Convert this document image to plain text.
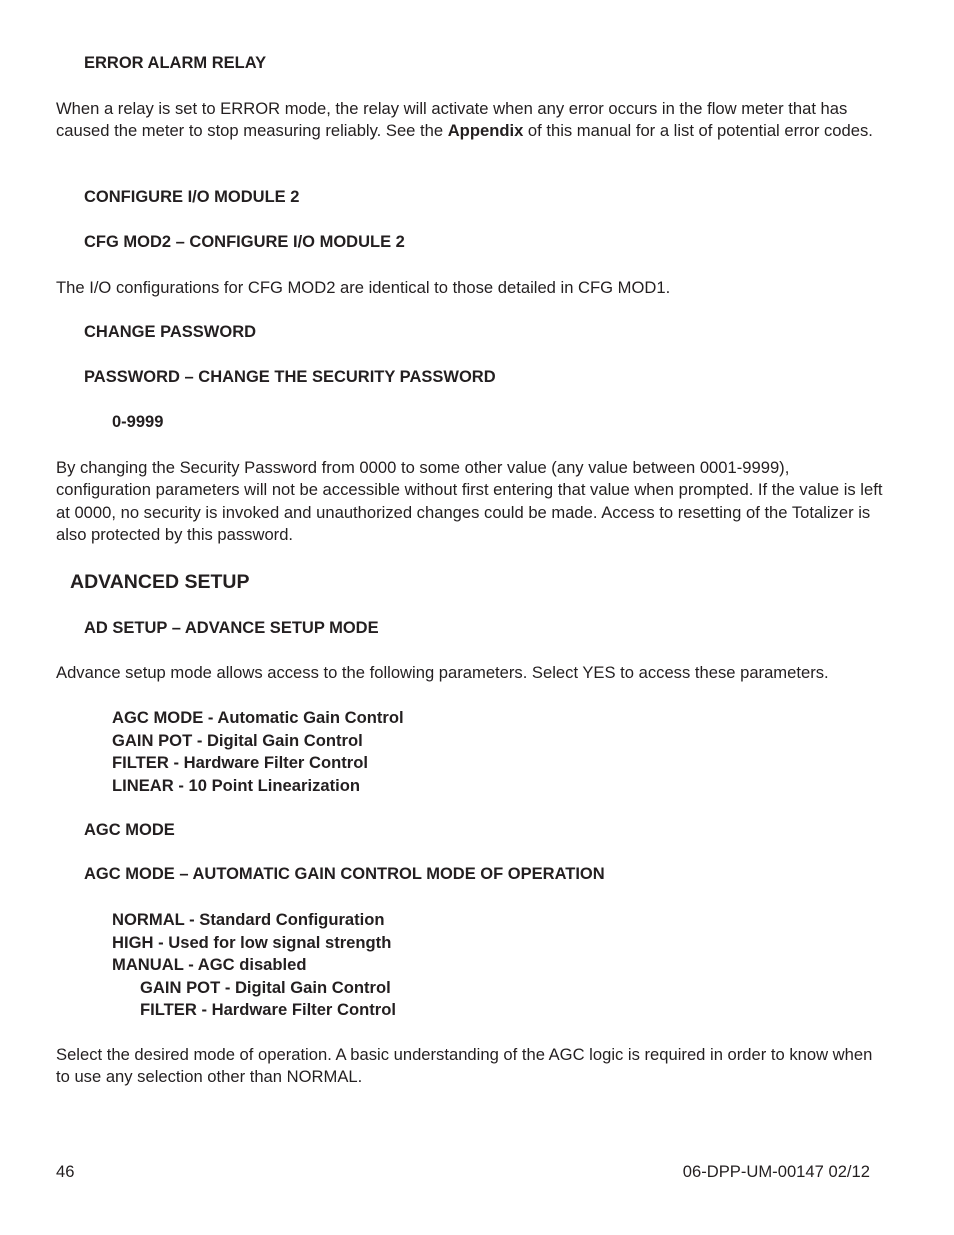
ERROR ALARM RELAY
When a relay is set to ERROR mode, the relay will activate when any error occurs in the flow meter that has caused the meter to stop measuring reliably. See the Appendix of this manual for a list of potential error codes.
CONFIGURE I/O MODULE 2
CFG MOD2 – CONFIGURE I/O MODULE 2
The I/O configurations for CFG MOD2 are identical to those detailed in CFG MOD1.
CHANGE PASSWORD
PASSWORD – CHANGE THE SECURITY PASSWORD
0-9999
By changing the Security Password from 0000 to some other value (any value between 0001-9999), configuration parameters will not be accessible without first entering that value when prompted. If the value is left at 0000, no security is invoked and unauthorized changes could be made. Access to resetting of the Totalizer is also protected by this password.
ADVANCED SETUP
AD SETUP – ADVANCE SETUP MODE
Advance setup mode allows access to the following parameters. Select YES to access these parameters.
AGC MODE - Automatic Gain Control
GAIN POT - Digital Gain Control
FILTER - Hardware Filter Control
LINEAR - 10 Point Linearization
AGC MODE
AGC MODE – AUTOMATIC GAIN CONTROL MODE OF OPERATION
NORMAL - Standard Configuration
HIGH - Used for low signal strength
MANUAL - AGC disabled
GAIN POT - Digital Gain Control
FILTER - Hardware Filter Control
Select the desired mode of operation. A basic understanding of the AGC logic is required in order to know when to use any selection other than NORMAL.
46	06-DPP-UM-00147 02/12
